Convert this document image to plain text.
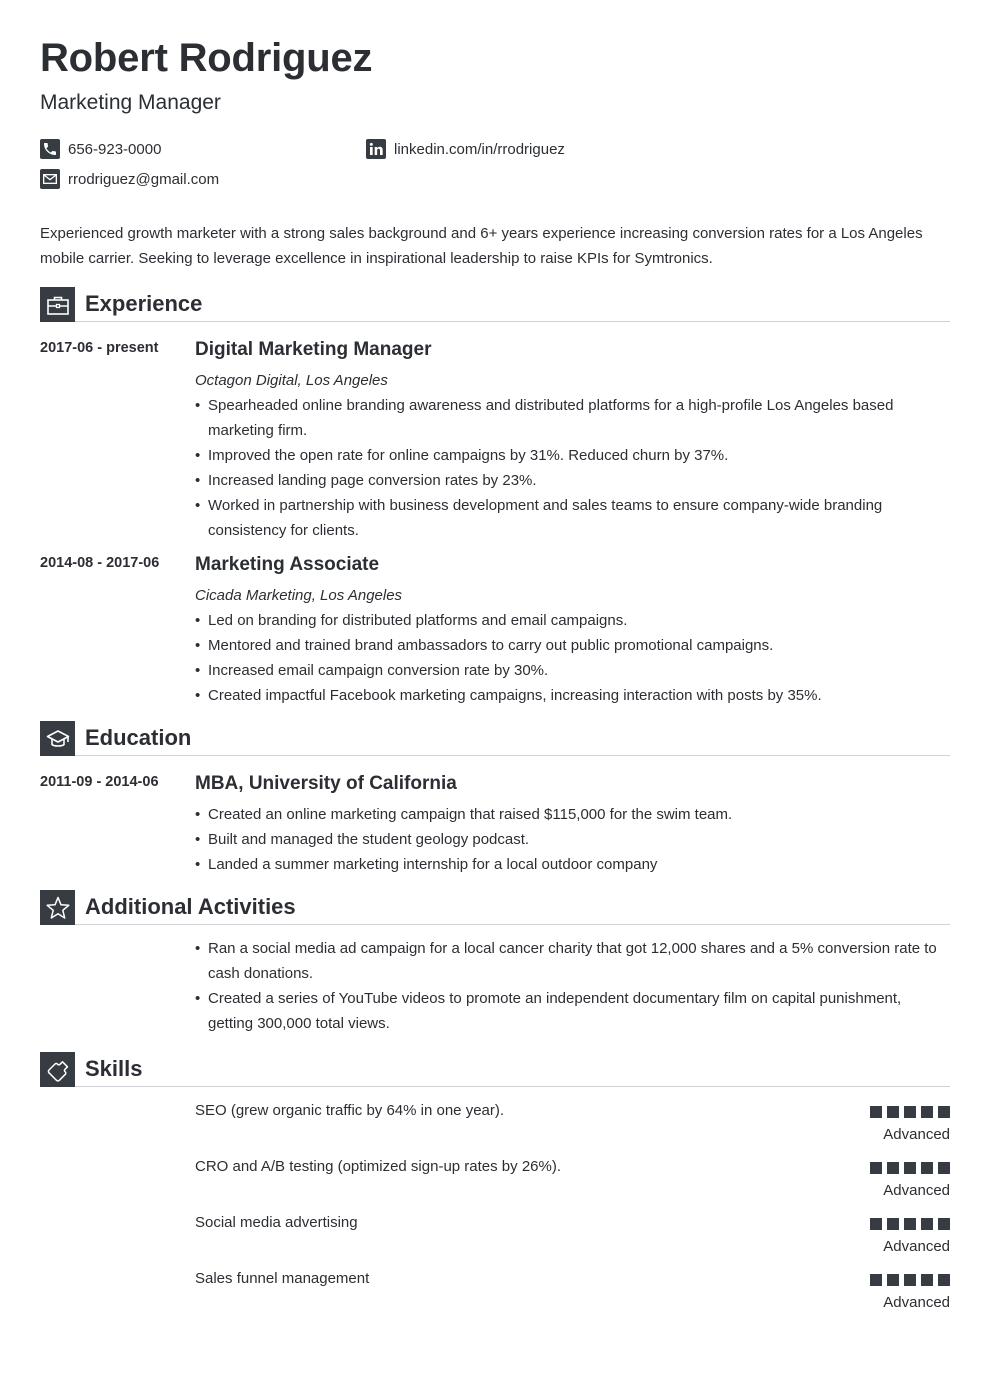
Robert Rodriguez
Marketing Manager
656-923-0000	linkedin.com/in/rrodriguez
rrodriguez@gmail.com
Experienced growth marketer with a strong sales background and 6+ years experience increasing conversion rates for a Los Angeles mobile carrier. Seeking to leverage excellence in inspirational leadership to raise KPIs for Symtronics.
Experience
2017-06 - present Digital Marketing Manager
Octagon Digital, Los Angeles
• Spearheaded online branding awareness and distributed platforms for a high-profile Los Angeles based marketing firm.
• Improved the open rate for online campaigns by 31%. Reduced churn by 37%.
• Increased landing page conversion rates by 23%.
• Worked in partnership with business development and sales teams to ensure company-wide branding consistency for clients.
2014-08 - 2017-06 Marketing Associate
Cicada Marketing, Los Angeles
• Led on branding for distributed platforms and email campaigns.
• Mentored and trained brand ambassadors to carry out public promotional campaigns.
• Increased email campaign conversion rate by 30%.
• Created impactful Facebook marketing campaigns, increasing interaction with posts by 35%.
Education
2011-09 - 2014-06 MBA, University of California
• Created an online marketing campaign that raised $115,000 for the swim team.
• Built and managed the student geology podcast.
• Landed a summer marketing internship for a local outdoor company
Additional Activities
• Ran a social media ad campaign for a local cancer charity that got 12,000 shares and a 5% conversion rate to cash donations.
• Created a series of YouTube videos to promote an independent documentary film on capital punishment, getting 300,000 total views.
Skills
SEO (grew organic traffic by 64% in one year).
Advanced
CRO and A/B testing (optimized sign-up rates by 26%).
Advanced
Social media advertising
Advanced
Sales funnel management
Advanced
